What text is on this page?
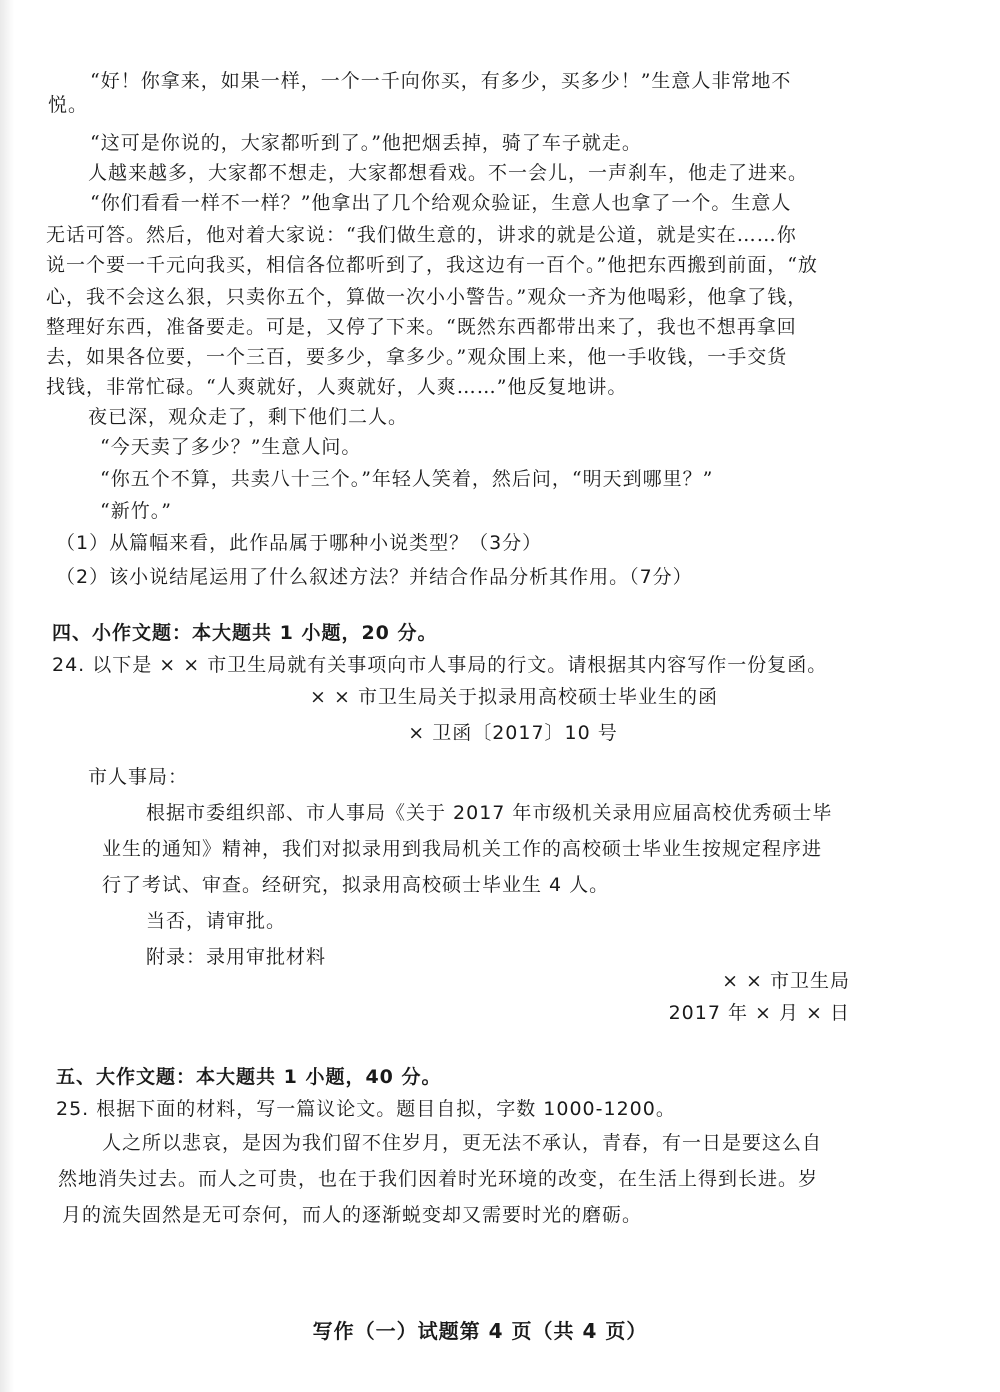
“好！你拿来，如果一样，一个一千向你买，有多少，买多少！”生意人非常地不
悦。
“这可是你说的，大家都听到了。”他把烟丢掉，骑了车子就走。
人越来越多，大家都不想走，大家都想看戏。不一会儿，一声刹车，他走了进来。
“你们看看一样不一样？”他拿出了几个给观众验证，生意人也拿了一个。生意人
无话可答。然后，他对着大家说：“我们做生意的，讲求的就是公道，就是实在……你
说一个要一千元向我买，相信各位都听到了，我这边有一百个。”他把东西搬到前面，“放
心，我不会这么狠，只卖你五个，算做一次小小警告。”观众一齐为他喝彩，他拿了钱，
整理好东西，准备要走。可是，又停了下来。“既然东西都带出来了，我也不想再拿回
去，如果各位要，一个三百，要多少，拿多少。”观众围上来，他一手收钱，一手交货
找钱，非常忙碌。“人爽就好，人爽就好，人爽……”他反复地讲。
夜已深，观众走了，剩下他们二人。
“今天卖了多少？”生意人问。
“你五个不算，共卖八十三个。”年轻人笑着，然后问，“明天到哪里？”
“新竹。”
（1）从篇幅来看，此作品属于哪种小说类型？（3分）
（2）该小说结尾运用了什么叙述方法？并结合作品分析其作用。（7分）
四、小作文题：本大题共 1 小题，20 分。
24. 以下是 × × 市卫生局就有关事项向市人事局的行文。请根据其内容写作一份复函。
× × 市卫生局关于拟录用高校硕士毕业生的函
× 卫函〔2017〕10 号
市人事局：
根据市委组织部、市人事局《关于 2017 年市级机关录用应届高校优秀硕士毕
业生的通知》精神，我们对拟录用到我局机关工作的高校硕士毕业生按规定程序进
行了考试、审查。经研究，拟录用高校硕士毕业生 4 人。
当否，请审批。
附录：录用审批材料
× × 市卫生局
2017 年 × 月 × 日
五、大作文题：本大题共 1 小题，40 分。
25. 根据下面的材料，写一篇议论文。题目自拟，字数 1000-1200。
人之所以悲哀，是因为我们留不住岁月，更无法不承认，青春，有一日是要这么自
然地消失过去。而人之可贵，也在于我们因着时光环境的改变，在生活上得到长进。岁
月的流失固然是无可奈何，而人的逐渐蜕变却又需要时光的磨砺。
写作（一）试题第 4 页（共 4 页）
